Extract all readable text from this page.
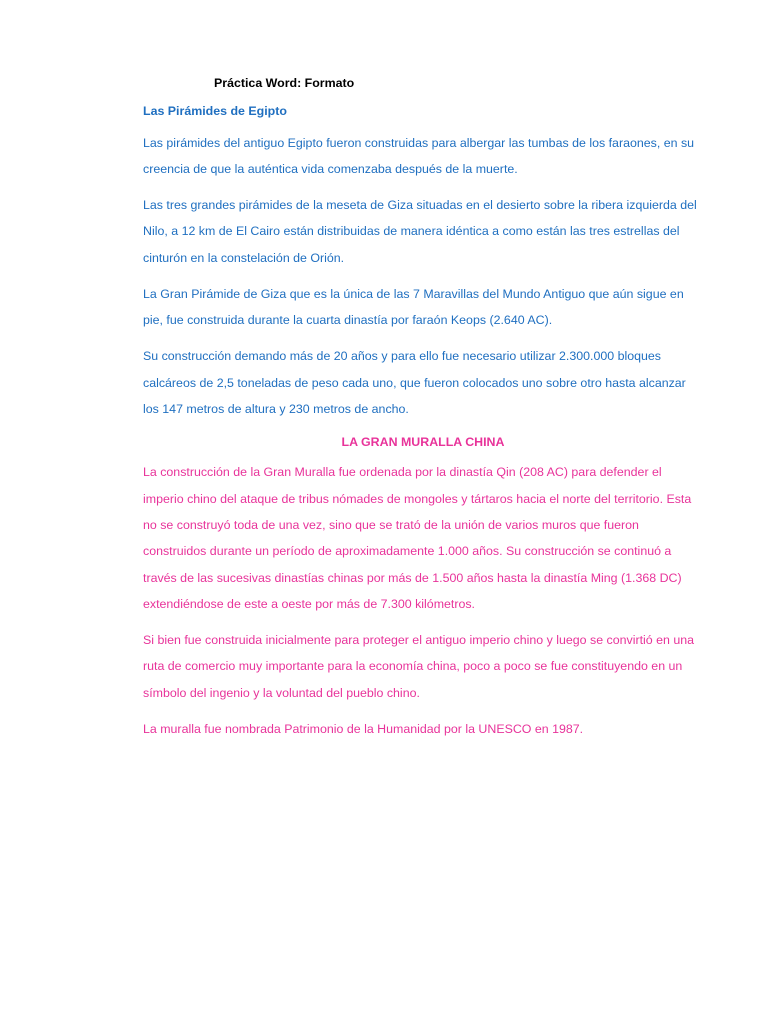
Práctica Word: Formato
Las Pirámides de Egipto

Las pirámides del antiguo Egipto fueron construidas para albergar las tumbas de los faraones, en su creencia de que la auténtica vida comenzaba después de la muerte.

Las tres grandes pirámides de la meseta de Giza situadas en el desierto sobre la ribera izquierda del Nilo, a 12 km de El Cairo están distribuidas de manera idéntica a como están las tres estrellas del cinturón en la constelación de Orión.

La Gran Pirámide de Giza que es la única de las 7 Maravillas del Mundo Antiguo que aún sigue en pie, fue construida durante la cuarta dinastía por faraón Keops (2.640 AC).

Su construcción demando más de 20 años y para ello fue necesario utilizar 2.300.000 bloques calcáreos de 2,5 toneladas de peso cada uno, que fueron colocados uno sobre otro hasta alcanzar los 147 metros de altura y 230 metros de ancho.

LA GRAN MURALLA CHINA

La construcción de la Gran Muralla fue ordenada por la dinastía Qin (208 AC) para defender el imperio chino del ataque de tribus nómades de mongoles y tártaros hacia el norte del territorio. Esta no se construyó toda de una vez, sino que se trató de la unión de varios muros que fueron construidos durante un período de aproximadamente 1.000 años. Su construcción se continuó a través de las sucesivas dinastías chinas por más de 1.500 años hasta la dinastía Ming (1.368 DC) extendiéndose de este a oeste por más de 7.300 kilómetros.

Si bien fue construida inicialmente para proteger el antiguo imperio chino y luego se convirtió en una ruta de comercio muy importante para la economía china, poco a poco se fue constituyendo en un símbolo del ingenio y la voluntad del pueblo chino.

La muralla fue nombrada Patrimonio de la Humanidad por la UNESCO en 1987.
